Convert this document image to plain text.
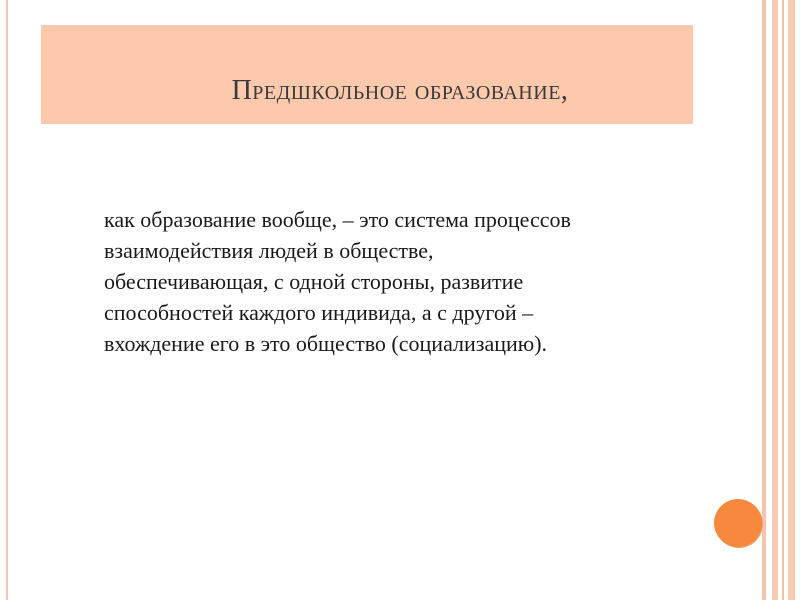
Предшкольное образование,
как образование вообще, – это система процессов
взаимодействия людей в обществе,
обеспечивающая, с одной стороны, развитие
способностей каждого индивида, а с другой –
вхождение его в это общество (социализацию).
